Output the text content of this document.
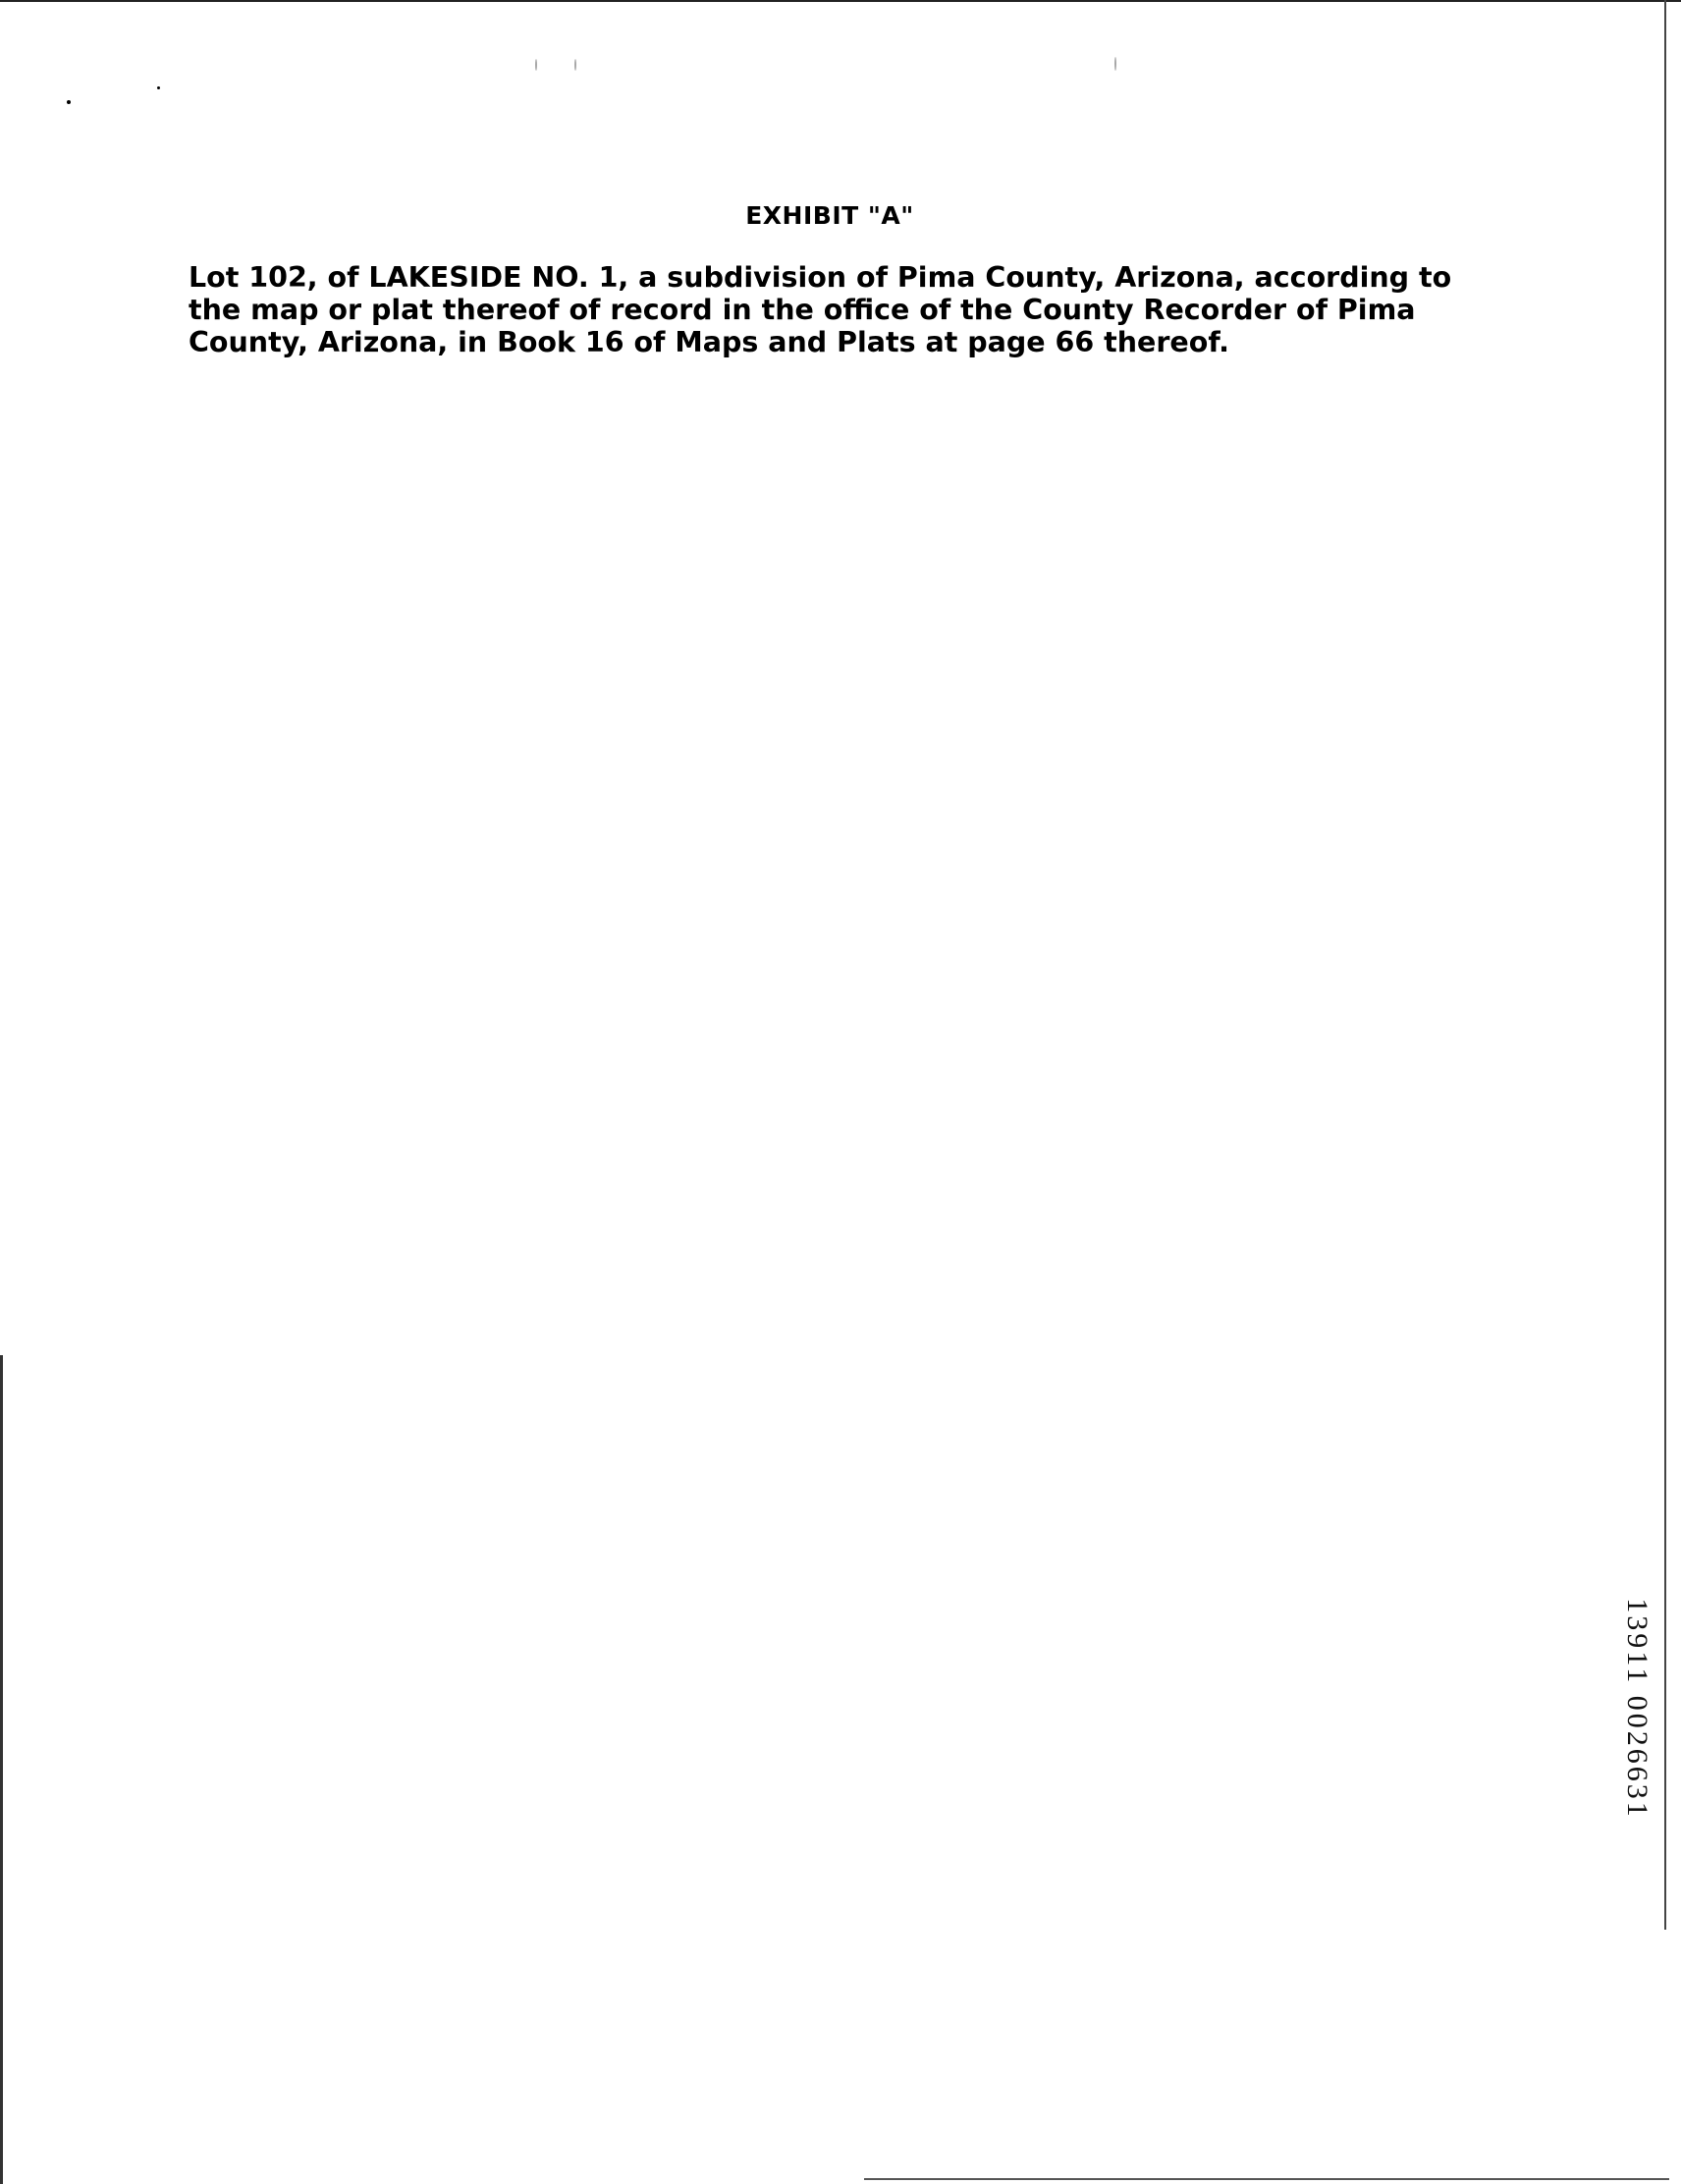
EXHIBIT "A"
Lot 102, of LAKESIDE NO. 1, a subdivision of Pima County, Arizona, according to
the map or plat thereof of record in the office of the County Recorder of Pima
County, Arizona, in Book 16 of Maps and Plats at page 66 thereof.
13911 0026631
